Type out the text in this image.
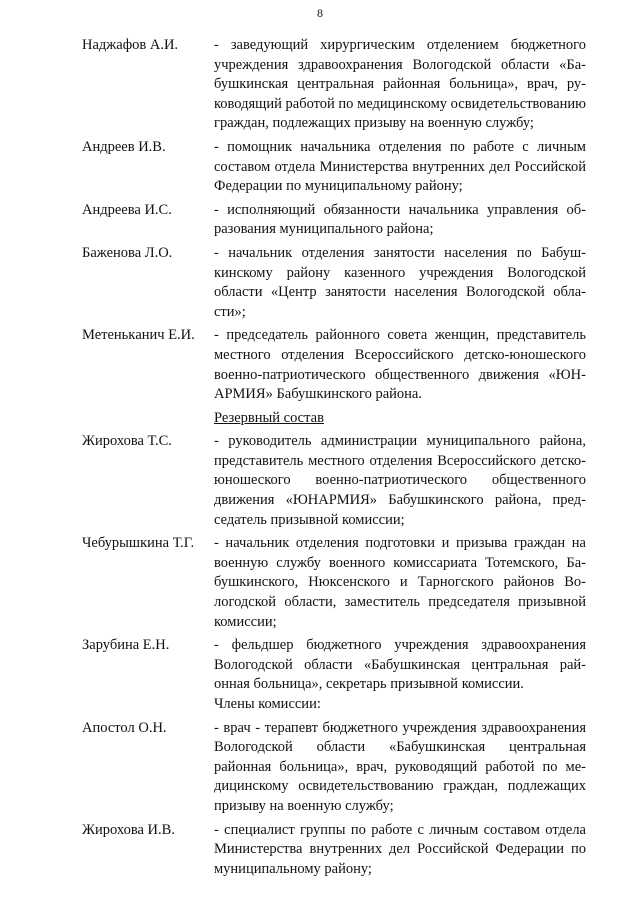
8
Наджафов А.И. - заведующий хирургическим отделением бюджетного учреждения здравоохранения Вологодской области «Бабушкинская центральная районная больница», врач, руководящий работой по медицинскому освидетельствованию граждан, подлежащих призыву на военную службу;
Андреев И.В.	- помощник начальника отделения по работе с личным составом отдела Министерства внутренних дел Российской Федерации по муниципальному району;
Андреева И.С.	- исполняющий обязанности начальника управления образования муниципального района;
Баженова Л.О.	- начальник отделения занятости населения по Бабушкинскому району казенного учреждения Вологодской области «Центр занятости населения Вологодской области»;
Метенькaнич Е.И. - председатель районного совета женщин, представитель местного отделения Всероссийского детско-юношеского военно-патриотического общественного движения «ЮНАРМИЯ» Бабушкинского района.
Резервный состав
Жирохова Т.С.	- руководитель администрации муниципального района, представитель местного отделения Всероссийского детско-юношеского военно-патриотического общественного движения «ЮНАРМИЯ» Бабушкинского района, председатель призывной комиссии;
Чебурышкина Т.Г. - начальник отделения подготовки и призыва граждан на военную службу военного комиссариата Тотемского, Бабушкинского, Нюксенского и Тарногского районов Вологодской области, заместитель председателя призывной комиссии;
Зарубина Е.Н.	- фельдшер бюджетного учреждения здравоохранения Вологодской области «Бабушкинская центральная районная больница», секретарь призывной комиссии.
Члены комиссии:
Апостол О.Н.	- врач - терапевт бюджетного учреждения здравоохранения Вологодской области «Бабушкинская центральная районная больница», врач, руководящий работой по медицинскому освидетельствованию граждан, подлежащих призыву на военную службу;
Жирохова И.В.	- специалист группы по работе с личным составом отдела Министерства внутренних дел Российской Федерации по муниципальному району;
